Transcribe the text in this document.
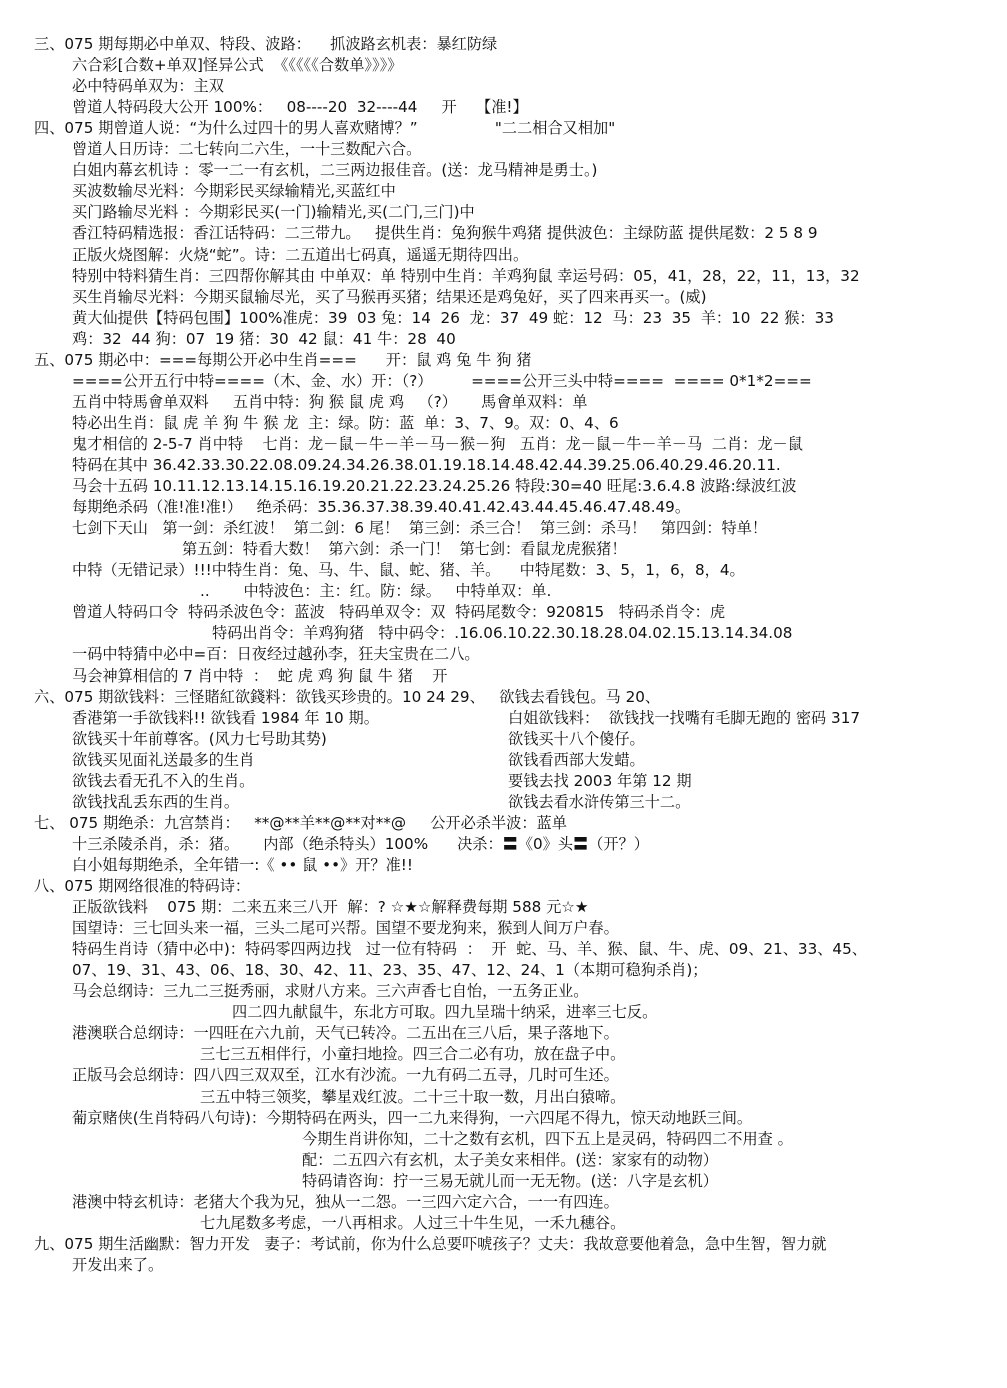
三、075 期每期必中单双、特段、波路：    抓波路玄机表：暴红防绿
六合彩[合数+单双]怪异公式  《《《《《合数单》》》》
必中特码单双为：主双
曾道人特码段大公开 100%：   08----20  32----44     开    【准!】
四、075 期曾道人说：“为什么过四十的男人喜欢赌博？”                "二二相合又相加"
曾道人日历诗：二七转向二六生，一十三数配六合。
白姐内幕玄机诗 ：零一二一有玄机，二三两边报佳音。(送：龙马精神是勇士。)
买波数输尽光料：今期彩民买绿输精光,买蓝红中
买门路输尽光料 ：今期彩民买(一门)输精光,买(二门,三门)中
香江特码精选报：香江话特码：二三带九。   提供生肖：兔狗猴牛鸡猪 提供波色：主绿防蓝 提供尾数：2 5 8 9
正版火烧图解：火烧“蛇”。诗：二五道出七码真，遥遥无期待四出。
特别中特料猜生肖：三四帮你解其由 中单双：单 特别中生肖：羊鸡狗鼠 幸运号码：05，41，28，22，11，13，32
买生肖输尽光料：今期买鼠输尽光，买了马猴再买猪；结果还是鸡兔好，买了四来再买一。(威)
黄大仙提供【特码包围】100%准虎：39  03 兔：14  26  龙：37  49 蛇：12  马：23  35  羊：10  22 猴：33
鸡：32  44 狗：07  19 猪：30  42 鼠：41 牛：28  40
五、075 期必中：===每期公开必中生肖===      开：鼠 鸡 兔 牛 狗 猪
====公开五行中特====（木、金、水）开：（?）        ====公开三头中特====  ==== 0*1*2===
五肖中特馬會单双料     五肖中特：狗 猴 鼠 虎 鸡   （?）     馬會单双料：单
特必出生肖：鼠 虎 羊 狗 牛 猴 龙  主：绿。防：蓝  单：3、7、9。双：0、4、6
鬼才相信的 2-5-7 肖中特    七肖：龙－鼠－牛－羊－马－猴－狗   五肖：龙－鼠－牛－羊－马  二肖：龙－鼠
特码在其中 36.42.33.30.22.08.09.24.34.26.38.01.19.18.14.48.42.44.39.25.06.40.29.46.20.11.
马会十五码 10.11.12.13.14.15.16.19.20.21.22.23.24.25.26 特段:30=40 旺尾:3.6.4.8 波路:绿波红波
每期绝杀码（准!准!准!）   绝杀码：35.36.37.38.39.40.41.42.43.44.45.46.47.48.49。
七剑下天山   第一剑：杀红波！  第二剑：6 尾！  第三剑：杀三合！  第三剑：杀马！   第四剑：特单！
第五剑：特看大数！  第六剑：杀一门！  第七剑：看鼠龙虎猴猪！
中特（无错记录）!!!中特生肖：兔、马、牛、鼠、蛇、猪、羊。    中特尾数：3、5，1，6，8，4。
..       中特波色：主：红。防：绿。   中特单双：单.
曾道人特码口令  特码杀波色令：蓝波   特码单双令：双  特码尾数令：920815   特码杀肖令：虎
特码出肖令：羊鸡狗猪   特中码令：.16.06.10.22.30.18.28.04.02.15.13.14.34.08
一码中特猜中必中=百：日夜经过越孙李，狂夫宝贵在二八。
马会神算相信的 7 肖中特  ：  蛇 虎 鸡 狗 鼠 牛 猪    开
六、075 期欲钱料：三怪賭紅欲錢料：欲钱买珍贵的。10 24 29、   欲钱去看钱包。马 20、
香港第一手欲钱料!! 欲钱看 1984 年 10 期。
欲钱买十年前尊客。(风力七号助其势)
欲钱买见面礼送最多的生肖
欲钱去看无孔不入的生肖。
欲钱找乱丢东西的生肖。
七、 075 期绝杀：九宫禁肖：   **@**羊**@**对**@     公开必杀半波：蓝单
十三杀陵杀肖，杀：猪。     内部（绝杀特头）100%      决杀：〓《0》头〓（开？）
白小姐每期绝杀，全年错一:《 •• 鼠 ••》开？准!!
八、075 期网络很准的特码诗：
正版欲钱料    075 期：二来五来三八开  解：? ☆★☆解释费每期 588 元☆★
国望诗：三七回头来一福，三头二尾可兴帮。国望不要龙狗来，猴到人间万户春。
特码生肖诗（猜中必中)：特码零四两边找   过一位有特码  ：  开  蛇、马、羊、猴、鼠、牛、虎、09、21、33、45、
07、19、31、43、06、18、30、42、11、23、35、47、12、24、1（本期可稳狗杀肖)；
马会总纲诗：三九二三挺秀丽，求财八方来。三六声香七自怡，一五务正业。
四二四九献鼠牛，东北方可取。四九呈瑞十纳采，进率三七反。
港澳联合总纲诗：一四旺在六九前，天气已转冷。二五出在三八后，果子落地下。
三七三五相伴行，小童扫地捡。四三合二必有功，放在盘子中。
正版马会总纲诗：四八四三双双至，江水有沙流。一九有码二五寻，几时可生还。
三五中特三领奖，攀星戏红波。二十三十取一数，月出白猿啼。
葡京赌侠(生肖特码八句诗)：今期特码在两头，四一二九来得狗，一六四尾不得九，惊天动地跃三间。
今期生肖讲你知，二十之数有玄机，四下五上是灵码，特码四二不用查 。
配：二五四六有玄机，太子美女来相伴。(送：家家有的动物）
特码请咨询：拧一三易无就儿而一无无物。(送：八字是玄机）
港澳中特玄机诗：老猪大个我为兄，独从一二怨。一三四六定六合，一一有四连。
七九尾数多考虑，一八再相求。人过三十牛生见，一禾九穗谷。
九、075 期生活幽默：智力开发   妻子：考试前，你为什么总要吓唬孩子？丈夫：我故意要他着急，急中生智，智力就
开发出来了。
白姐欲钱料：  欲钱找一找嘴有毛脚无跑的 密码 317
欲钱买十八个傻仔。
欲钱看西部大发蜡。
要钱去找 2003 年第 12 期
欲钱去看水浒传第三十二。
